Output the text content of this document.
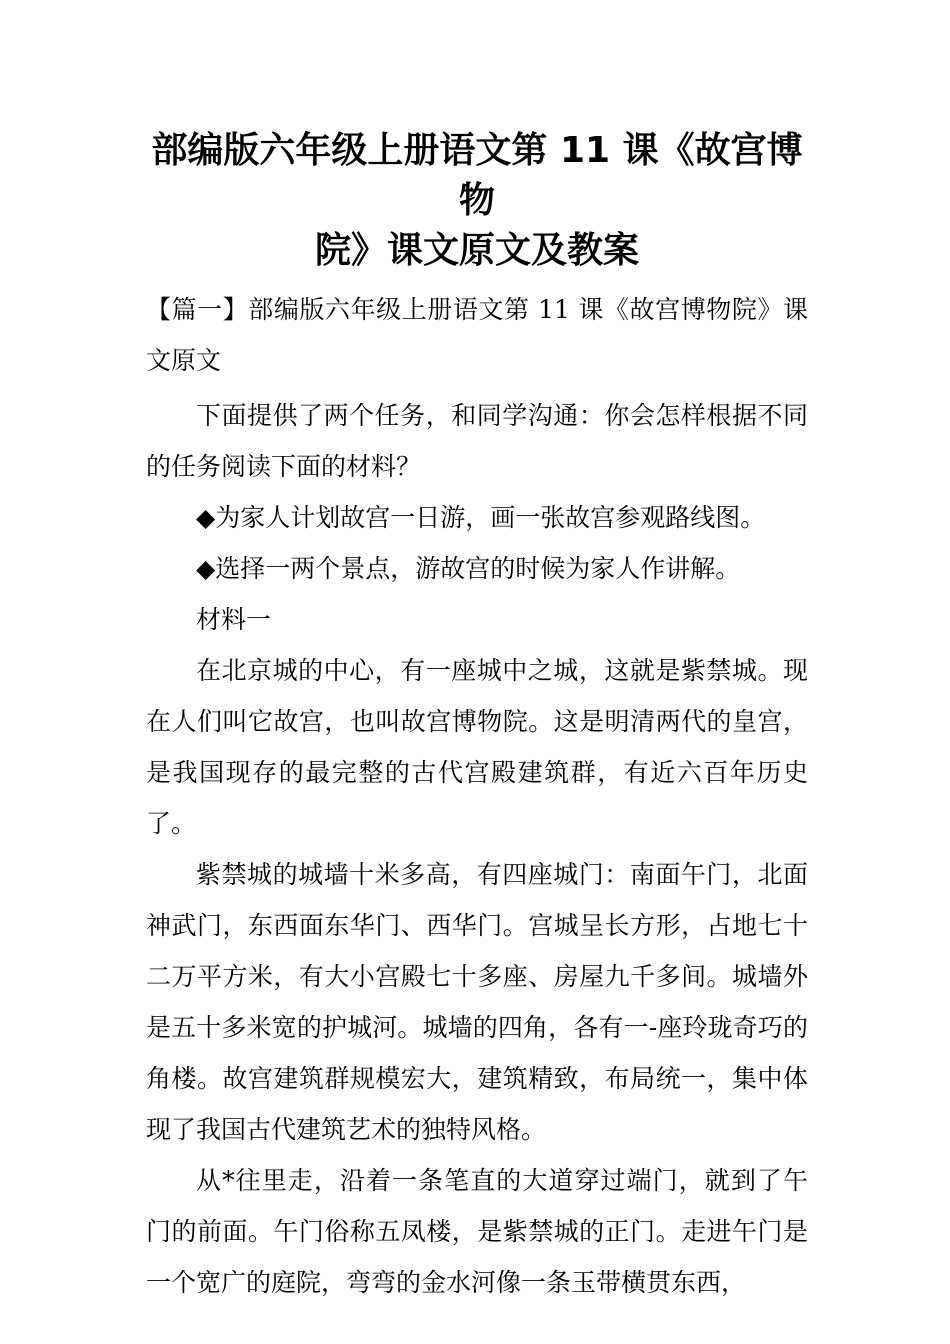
部编版六年级上册语文第 11 课《故宫博物
院》课文原文及教案

【篇一】部编版六年级上册语文第 11 课《故宫博物院》课文原文

下面提供了两个任务，和同学沟通：你会怎样根据不同的任务阅读下面的材料？

◆为家人计划故宫一日游，画一张故宫参观路线图。

◆选择一两个景点，游故宫的时候为家人作讲解。

材料一

在北京城的中心，有一座城中之城，这就是紫禁城。现在人们叫它故宫，也叫故宫博物院。这是明清两代的皇宫，是我国现存的最完整的古代宫殿建筑群，有近六百年历史了。

紫禁城的城墙十米多高，有四座城门：南面午门，北面神武门，东西面东华门、西华门。宫城呈长方形，占地七十二万平方米，有大小宫殿七十多座、房屋九千多间。城墙外是五十多米宽的护城河。城墙的四角，各有一-座玲珑奇巧的角楼。故宫建筑群规模宏大，建筑精致，布局统一，集中体现了我国古代建筑艺术的独特风格。

从*往里走，沿着一条笔直的大道穿过端门，就到了午门的前面。午门俗称五凤楼，是紫禁城的正门。走进午门是一个宽广的庭院，弯弯的金水河像一条玉带横贯东西，
